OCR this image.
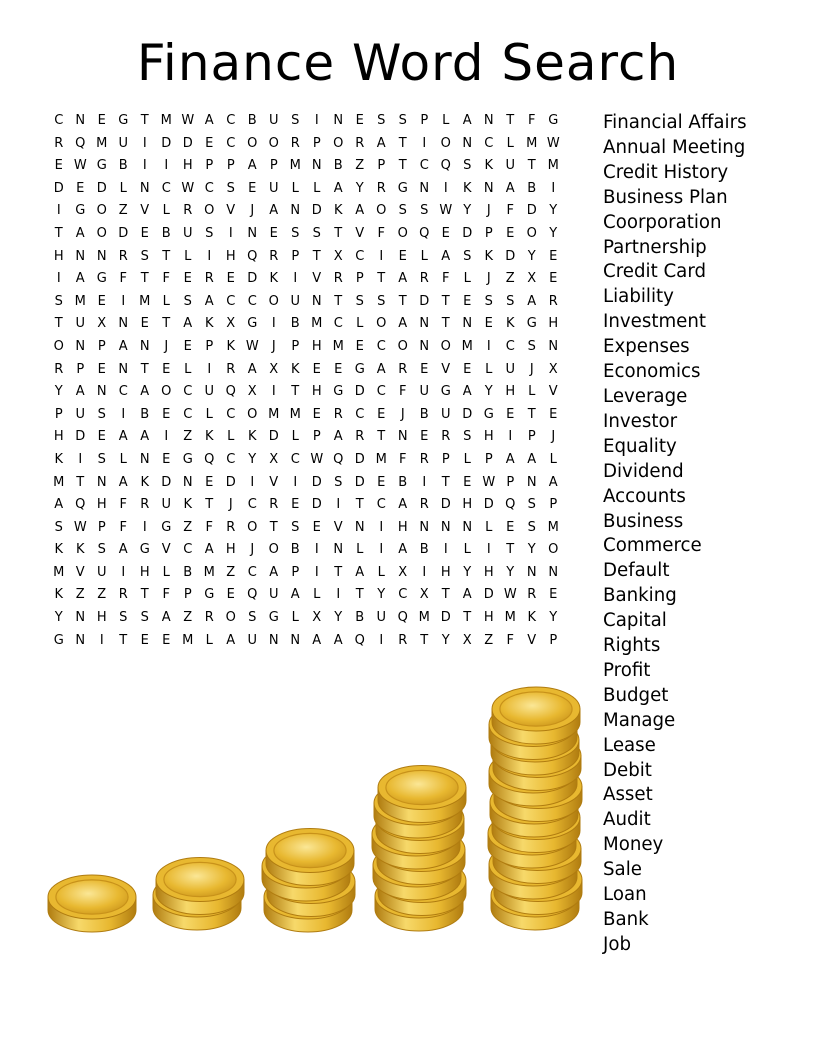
Finance Word Search
C N E G T M W A C B U S	I	N E	S	S	P	L	A N T	F G
R Q M U	I	D D E C O O R	P O R A	T	I	O N C	L M W
E W G B	I	I	H P	P	A	P M N B Z	P	T C Q S	K U T M
D E D L	N C W C S	E U	L	L	A	Y	R G N	I	K N A B	I
I	G O Z V	L	R O V	J	A N D K A O S	S W Y	J	F D Y
T	A O D E B U S	I	N E	S	S	T	V	F O Q E D P	E O Y
H N N R S	T	L	I	H Q R	P	T	X C	I	E	L	A S	K D Y	E
I	A G F	T	F	E R E D K	I	V R	P	T	A R	F	L	J	Z X E
S M E	I	M L	S A C C O U N T	S	S	T D T	E	S	S A R
T U X N E	T	A K X G	I	B M C	L O A N T N E	K G H
O N P	A N	J	E	P	K W	J	P H M E C O N O M	I	C S N
R	P	E N T	E	L	I	R A X K	E	E G A R E V E	L	U	J	X
Y	A N C A O C U Q X	I	T H G D C	F	U G A	Y H L	V
P U S	I	B E C	L	C O M M E R C E	J	B U D G E	T	E
H D E A A	I	Z K	L	K D L	P	A R	T N E R S H	I	P	J
K	I	S	L	N E G Q C Y	X C W Q D M F	R	P	L	P	A A	L
M T N A K D N E D	I	V	I	D S D E B	I	T	E W P N A
A Q H F	R U K	T	J	C R E D	I	T C A R D H D Q S	P
S W P	F	I	G Z	F	R O T	S	E V N	I	H N N N	L	E	S M
K K	S A G V C A H	J	O B	I	N	L	I	A B	I	L	I	T	Y O
M V U	I	H L	B M Z C A	P	I	T	A	L	X	I	H Y H Y N N
K Z Z R	T	F	P G E Q U A	L	I	T	Y C X	T	A D W R E
Y N H S	S A Z R O S G L	X	Y	B U Q M D T H M K	Y
G N	I	T	E	E M L	A U N N A A Q	I	R	T	Y	X Z	F	V	P
Financial Affairs
Annual Meeting
Credit History
Business Plan
Coorporation
Partnership
Credit Card
Liability
Investment
Expenses
Economics
Leverage
Investor
Equality
Dividend
Accounts
Business
Commerce
Default
Banking
Capital
Rights
Profit
Budget
Manage
Lease
Debit
Asset
Audit
Money
Sale
Loan
Bank
Job
